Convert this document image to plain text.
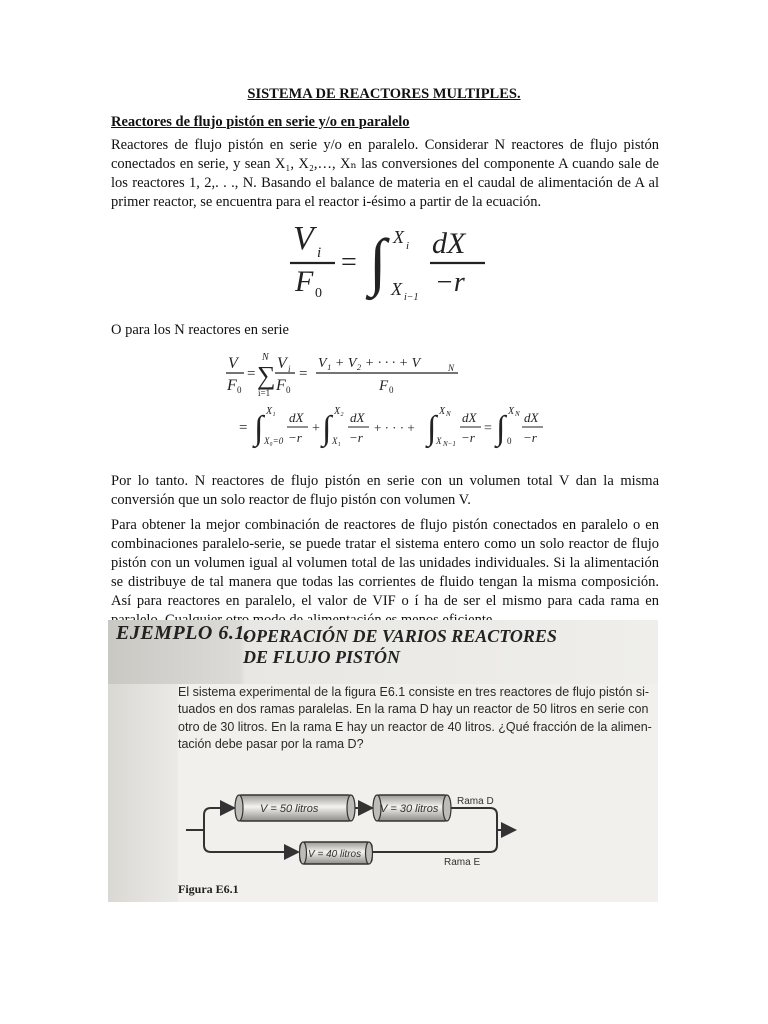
SISTEMA DE REACTORES MULTIPLES.
Reactores de flujo pistón en serie y/o en paralelo

Reactores de flujo pistón en serie y/o en paralelo. Considerar N reactores de flujo pistón conectados en serie, y sean X₁, X₂,…, Xₙ las conversiones del componente A cuando sale de los reactores 1, 2,. . ., N. Basando el balance de materia en el caudal de alimentación de A al primer reactor, se encuentra para el reactor i-ésimo a partir de la ecuación.

V i
F 0
= ∫ X i
X i−1
dX
−r

O para los N reactores en serie

V
F 0
=
N
∑
i=1
V i
F 0
=
V₁ + V₂ + · · · + V	N
F 0
= ∫ X₁
X₀=0
dX
−r
+ ∫ X₂
X₁
dX
−r
+ · · · + ∫ X N
X N−1
dX
−r
= ∫ X N
0
dX
−r

Por lo tanto. N reactores de flujo pistón en serie con un volumen total V dan la misma conversión que un solo reactor de flujo pistón con volumen V.

Para obtener la mejor combinación de reactores de flujo pistón conectados en paralelo o en combinaciones paralelo-serie, se puede tratar el sistema entero como un solo reactor de flujo pistón con un volumen igual al volumen total de las unidades individuales. Si la alimentación se distribuye de tal manera que todas las corrientes de fluido tengan la misma composición. Así para reactores en paralelo, el valor de VIF o í ha de ser el mismo para cada rama en

EJEMPLO 6.1.
OPERACIÓN DE VARIOS REACTORES
DE FLUJO PISTÓN
El sistema experimental de la figura E6.1 consiste en tres reactores de flujo pistón si-
tuados en dos ramas paralelas. En la rama D hay un reactor de 50 litros en serie con
otro de 30 litros. En la rama E hay un reactor de 40 litros. ¿Qué fracción de la alimen-
tación debe pasar por la rama D?
V = 50 litros	V = 30 litros
V = 40 litros
Rama D
Rama E
Figura E6.1
